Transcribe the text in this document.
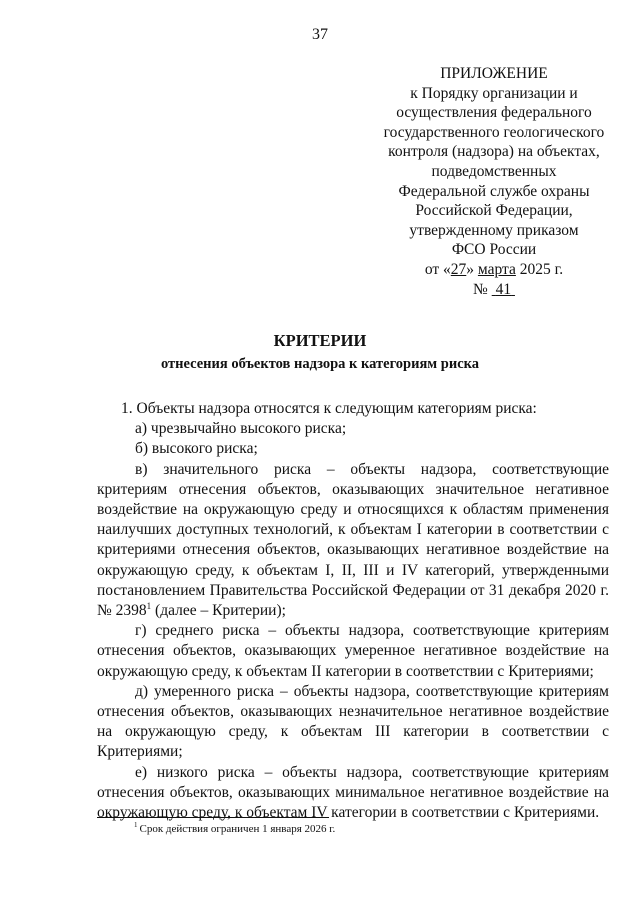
37
ПРИЛОЖЕНИЕ
к Порядку организации и
осуществления федерального
государственного геологического
контроля (надзора) на объектах,
подведомственных
Федеральной службе охраны
Российской Федерации,
утвержденному приказом
ФСО России
от «27» марта 2025 г.
№ 41
КРИТЕРИИ
отнесения объектов надзора к категориям риска

1. Объекты надзора относятся к следующим категориям риска:

а) чрезвычайно высокого риска;

б) высокого риска;

в) значительного риска – объекты надзора, соответствующие критериям отнесения объектов, оказывающих значительное негативное воздействие на окружающую среду и относящихся к областям применения наилучших доступных технологий, к объектам I категории в соответствии с критериями отнесения объектов, оказывающих негативное воздействие на окружающую среду, к объектам I, II, III и IV категорий, утвержденными постановлением Правительства Российской Федерации от 31 декабря 2020 г. № 2398$^1$ (далее – Критерии);

г) среднего риска – объекты надзора, соответствующие критериям отнесения объектов, оказывающих умеренное негативное воздействие на окружающую среду, к объектам II категории в соответствии с Критериями;

д) умеренного риска – объекты надзора, соответствующие критериям отнесения объектов, оказывающих незначительное негативное воздействие на окружающую среду, к объектам III категории в соответствии с Критериями;

е) низкого риска – объекты надзора, соответствующие критериям отнесения объектов, оказывающих минимальное негативное воздействие на окружающую среду, к объектам IV категории в соответствии с Критериями.

$^1$ Срок действия ограничен 1 января 2026 г.
